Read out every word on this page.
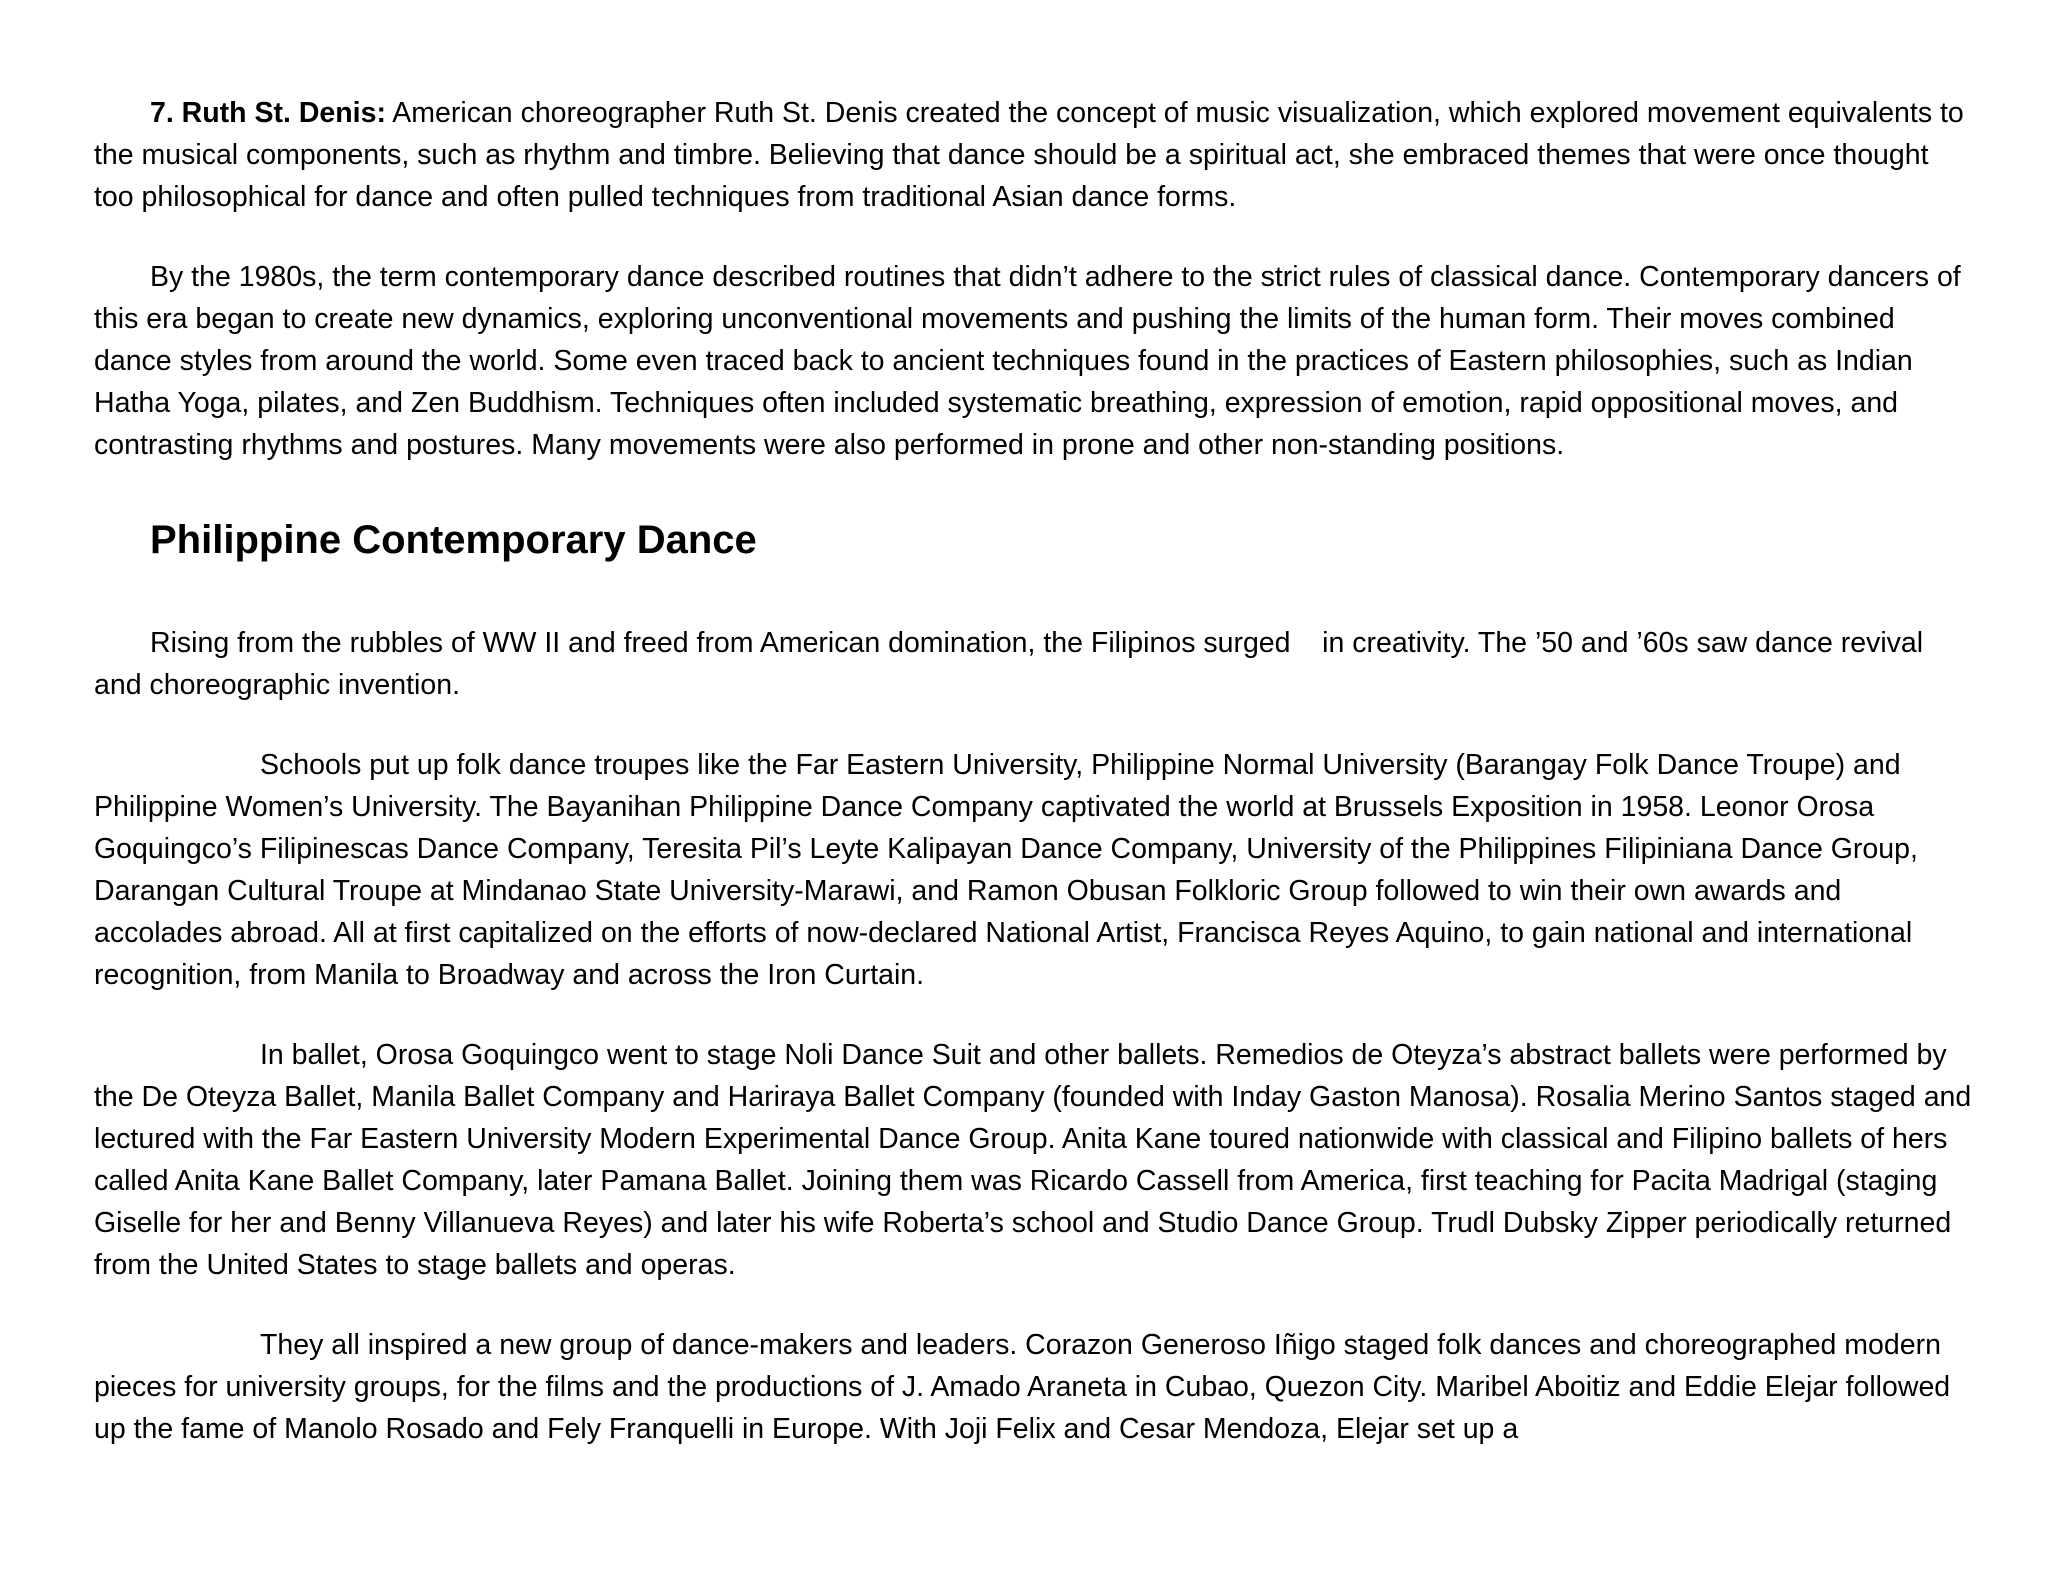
7. Ruth St. Denis: American choreographer Ruth St. Denis created the concept of music visualization, which explored movement equivalents to the musical components, such as rhythm and timbre. Believing that dance should be a spiritual act, she embraced themes that were once thought too philosophical for dance and often pulled techniques from traditional Asian dance forms.

By the 1980s, the term contemporary dance described routines that didn’t adhere to the strict rules of classical dance. Contemporary dancers of this era began to create new dynamics, exploring unconventional movements and pushing the limits of the human form. Their moves combined dance styles from around the world. Some even traced back to ancient techniques found in the practices of Eastern philosophies, such as Indian Hatha Yoga, pilates, and Zen Buddhism. Techniques often included systematic breathing, expression of emotion, rapid oppositional moves, and contrasting rhythms and postures. Many movements were also performed in prone and other non-standing positions.

Philippine Contemporary Dance

Rising from the rubbles of WW II and freed from American domination, the Filipinos surged    in creativity. The ’50 and ’60s saw dance revival and choreographic invention.

Schools put up folk dance troupes like the Far Eastern University, Philippine Normal University (Barangay Folk Dance Troupe) and Philippine Women’s University. The Bayanihan Philippine Dance Company captivated the world at Brussels Exposition in 1958. Leonor Orosa Goquingco’s Filipinescas Dance Company, Teresita Pil’s Leyte Kalipayan Dance Company, University of the Philippines Filipiniana Dance Group, Darangan Cultural Troupe at Mindanao State University-Marawi, and Ramon Obusan Folkloric Group followed to win their own awards and accolades abroad. All at first capitalized on the efforts of now-declared National Artist, Francisca Reyes Aquino, to gain national and international recognition, from Manila to Broadway and across the Iron Curtain.

In ballet, Orosa Goquingco went to stage Noli Dance Suit and other ballets. Remedios de Oteyza’s abstract ballets were performed by the De Oteyza Ballet, Manila Ballet Company and Hariraya Ballet Company (founded with Inday Gaston Manosa). Rosalia Merino Santos staged and lectured with the Far Eastern University Modern Experimental Dance Group. Anita Kane toured nationwide with classical and Filipino ballets of hers called Anita Kane Ballet Company, later Pamana Ballet. Joining them was Ricardo Cassell from America, first teaching for Pacita Madrigal (staging Giselle for her and Benny Villanueva Reyes) and later his wife Roberta’s school and Studio Dance Group. Trudl Dubsky Zipper periodically returned from the United States to stage ballets and operas.

They all inspired a new group of dance-makers and leaders. Corazon Generoso Iñigo staged folk dances and choreographed modern pieces for university groups, for the films and the productions of J. Amado Araneta in Cubao, Quezon City. Maribel Aboitiz and Eddie Elejar followed up the fame of Manolo Rosado and Fely Franquelli in Europe. With Joji Felix and Cesar Mendoza, Elejar set up a
